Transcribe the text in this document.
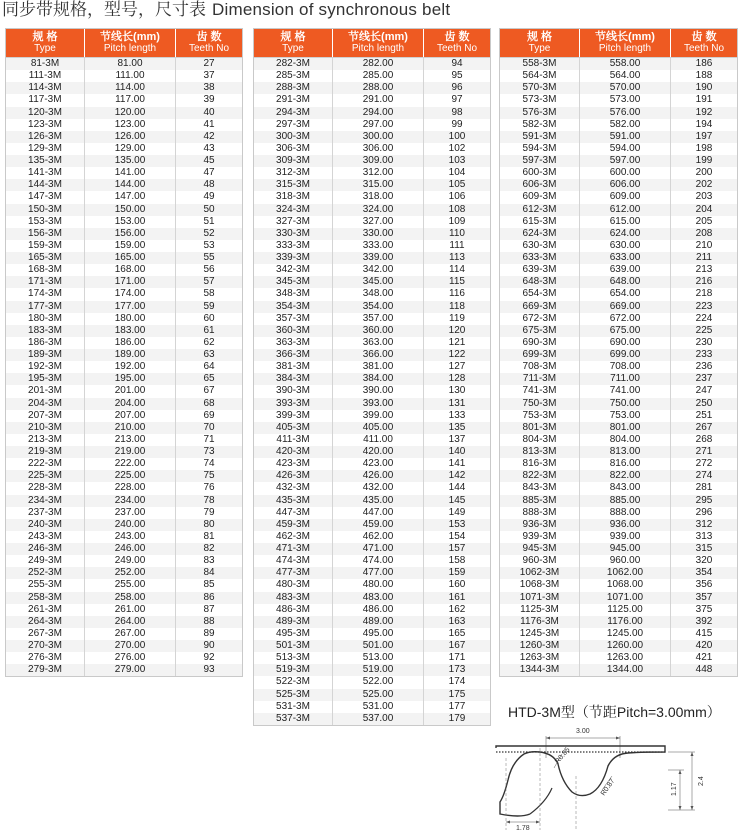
同步带规格，型号，尺寸表 Dimension of synchronous belt
规 格
Type
节线长(mm)
Pitch length
齿 数
Teeth No
81-3M	81.00	27
111-3M	111.00	37
114-3M	114.00	38
117-3M	117.00	39
120-3M	120.00	40
123-3M	123.00	41
126-3M	126.00	42
129-3M	129.00	43
135-3M	135.00	45
141-3M	141.00	47
144-3M	144.00	48
147-3M	147.00	49
150-3M	150.00	50
153-3M	153.00	51
156-3M	156.00	52
159-3M	159.00	53
165-3M	165.00	55
168-3M	168.00	56
171-3M	171.00	57
174-3M	174.00	58
177-3M	177.00	59
180-3M	180.00	60
183-3M	183.00	61
186-3M	186.00	62
189-3M	189.00	63
192-3M	192.00	64
195-3M	195.00	65
201-3M	201.00	67
204-3M	204.00	68
207-3M	207.00	69
210-3M	210.00	70
213-3M	213.00	71
219-3M	219.00	73
222-3M	222.00	74
225-3M	225.00	75
228-3M	228.00	76
234-3M	234.00	78
237-3M	237.00	79
240-3M	240.00	80
243-3M	243.00	81
246-3M	246.00	82
249-3M	249.00	83
252-3M	252.00	84
255-3M	255.00	85
258-3M	258.00	86
261-3M	261.00	87
264-3M	264.00	88
267-3M	267.00	89
270-3M	270.00	90
276-3M	276.00	92
279-3M	279.00	93
规 格
Type
节线长(mm)
Pitch length
齿 数
Teeth No
282-3M	282.00	94
285-3M	285.00	95
288-3M	288.00	96
291-3M	291.00	97
294-3M	294.00	98
297-3M	297.00	99
300-3M	300.00	100
306-3M	306.00	102
309-3M	309.00	103
312-3M	312.00	104
315-3M	315.00	105
318-3M	318.00	106
324-3M	324.00	108
327-3M	327.00	109
330-3M	330.00	110
333-3M	333.00	111
339-3M	339.00	113
342-3M	342.00	114
345-3M	345.00	115
348-3M	348.00	116
354-3M	354.00	118
357-3M	357.00	119
360-3M	360.00	120
363-3M	363.00	121
366-3M	366.00	122
381-3M	381.00	127
384-3M	384.00	128
390-3M	390.00	130
393-3M	393.00	131
399-3M	399.00	133
405-3M	405.00	135
411-3M	411.00	137
420-3M	420.00	140
423-3M	423.00	141
426-3M	426.00	142
432-3M	432.00	144
435-3M	435.00	145
447-3M	447.00	149
459-3M	459.00	153
462-3M	462.00	154
471-3M	471.00	157
474-3M	474.00	158
477-3M	477.00	159
480-3M	480.00	160
483-3M	483.00	161
486-3M	486.00	162
489-3M	489.00	163
495-3M	495.00	165
501-3M	501.00	167
513-3M	513.00	171
519-3M	519.00	173
522-3M	522.00	174
525-3M	525.00	175
531-3M	531.00	177
537-3M	537.00	179
规 格
Type
节线长(mm)
Pitch length
齿 数
Teeth No
558-3M	558.00	186
564-3M	564.00	188
570-3M	570.00	190
573-3M	573.00	191
576-3M	576.00	192
582-3M	582.00	194
591-3M	591.00	197
594-3M	594.00	198
597-3M	597.00	199
600-3M	600.00	200
606-3M	606.00	202
609-3M	609.00	203
612-3M	612.00	204
615-3M	615.00	205
624-3M	624.00	208
630-3M	630.00	210
633-3M	633.00	211
639-3M	639.00	213
648-3M	648.00	216
654-3M	654.00	218
669-3M	669.00	223
672-3M	672.00	224
675-3M	675.00	225
690-3M	690.00	230
699-3M	699.00	233
708-3M	708.00	236
711-3M	711.00	237
741-3M	741.00	247
750-3M	750.00	250
753-3M	753.00	251
801-3M	801.00	267
804-3M	804.00	268
813-3M	813.00	271
816-3M	816.00	272
822-3M	822.00	274
843-3M	843.00	281
885-3M	885.00	295
888-3M	888.00	296
936-3M	936.00	312
939-3M	939.00	313
945-3M	945.00	315
960-3M	960.00	320
1062-3M	1062.00	354
1068-3M	1068.00	356
1071-3M	1071.00	357
1125-3M	1125.00	375
1176-3M	1176.00	392
1245-3M	1245.00	415
1260-3M	1260.00	420
1263-3M	1263.00	421
1344-3M	1344.00	448
HTD-3M型（节距Pitch=3.00mm）
3.00
R0.85
R0.87
1.78
1.17
2.4
